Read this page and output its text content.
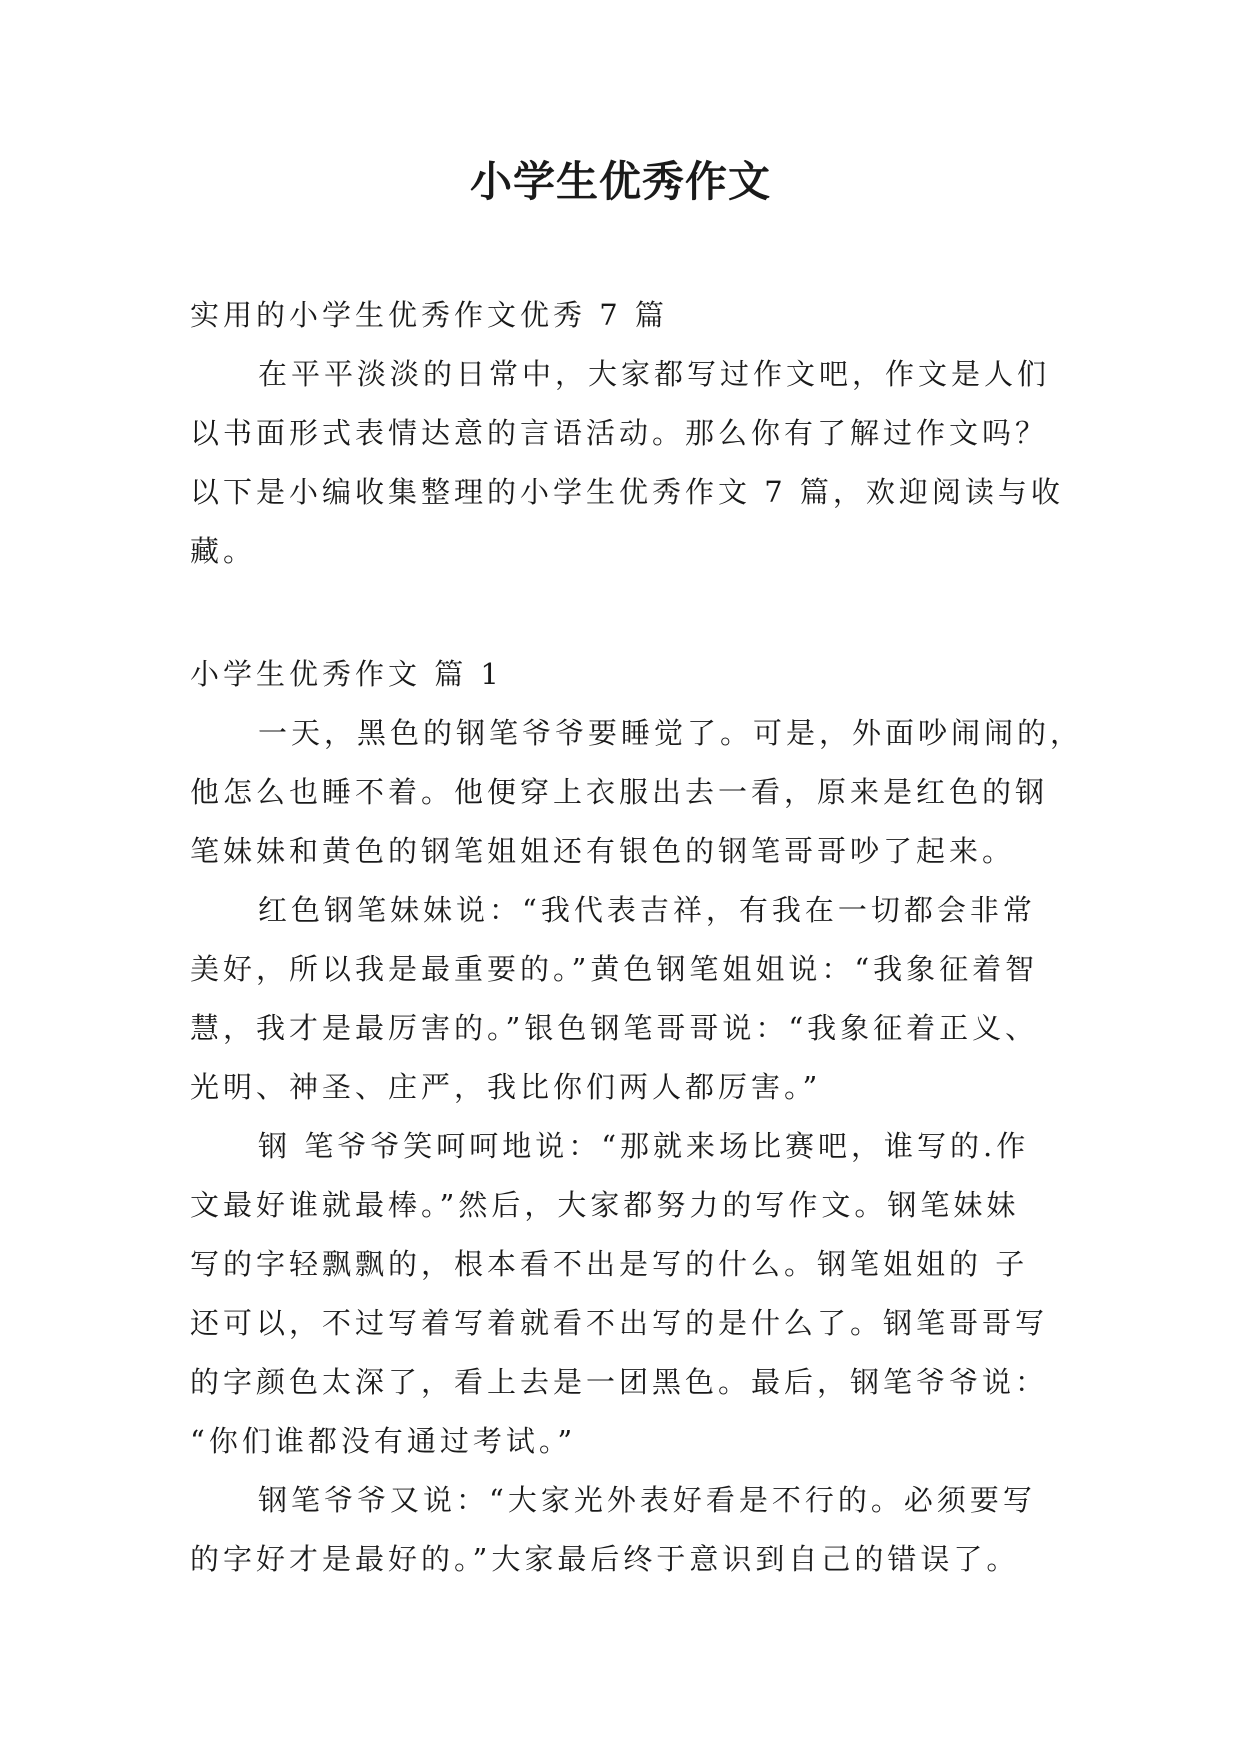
小学生优秀作文
实用的小学生优秀作文优秀 7 篇
在平平淡淡的日常中，大家都写过作文吧，作文是人们
以书面形式表情达意的言语活动。那么你有了解过作文吗？
以下是小编收集整理的小学生优秀作文 7 篇，欢迎阅读与收
藏。
小学生优秀作文 篇 1
一天，黑色的钢笔爷爷要睡觉了。可是，外面吵闹闹的，
他怎么也睡不着。他便穿上衣服出去一看，原来是红色的钢
笔妹妹和黄色的钢笔姐姐还有银色的钢笔哥哥吵了起来。
红色钢笔妹妹说：“我代表吉祥，有我在一切都会非常
美好，所以我是最重要的。”黄色钢笔姐姐说：“我象征着智
慧，我才是最厉害的。”银色钢笔哥哥说：“我象征着正义、
光明、神圣、庄严，我比你们两人都厉害。”
钢 笔爷爷笑呵呵地说：“那就来场比赛吧，谁写的.作
文最好谁就最棒。”然后，大家都努力的写作文。钢笔妹妹
写的字轻飘飘的，根本看不出是写的什么。钢笔姐姐的 子
还可以，不过写着写着就看不出写的是什么了。钢笔哥哥写
的字颜色太深了，看上去是一团黑色。最后，钢笔爷爷说：
“你们谁都没有通过考试。”
钢笔爷爷又说：“大家光外表好看是不行的。必须要写
的字好才是最好的。”大家最后终于意识到自己的错误了。
